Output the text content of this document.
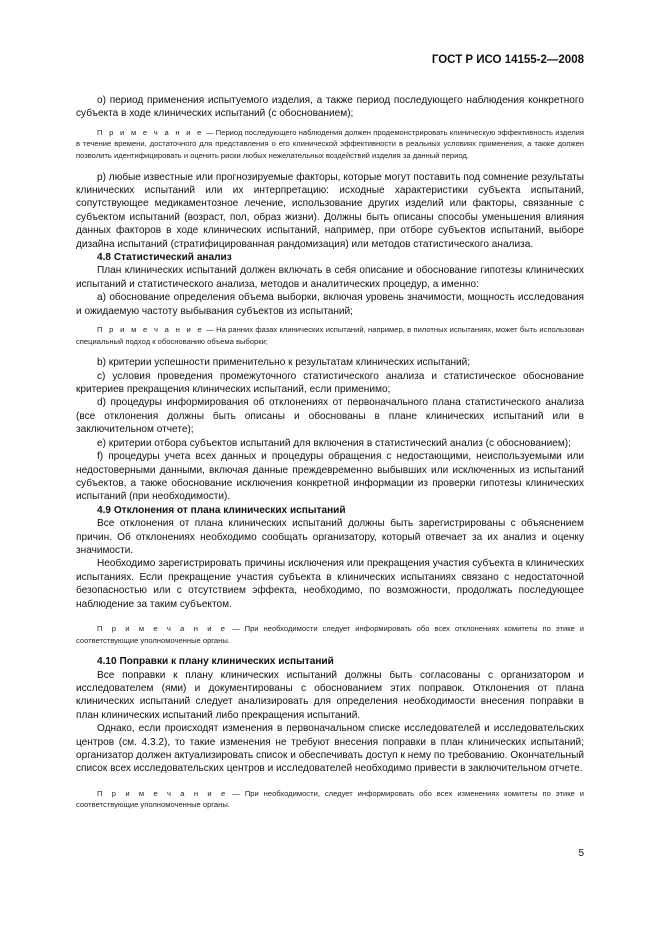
ГОСТ Р ИСО 14155-2—2008

о) период применения испытуемого изделия, а также период последующего наблюдения конкретного субъекта в ходе клинических испытаний (с обоснованием);

П р и м е ч а н и е — Период последующего наблюдения должен продемонстрировать клиническую эффективность изделия в течение времени, достаточного для представления о его клинической эффективности в реальных условиях применения, а также должен позволить идентифицировать и оценить риски любых нежелательных воздействий изделия за данный период.

р) любые известные или прогнозируемые факторы, которые могут поставить под сомнение результаты клинических испытаний или их интерпретацию: исходные характеристики субъекта испытаний, сопутствующее медикаментозное лечение, использование других изделий или факторы, связанные с субъектом испытаний (возраст, пол, образ жизни). Должны быть описаны способы уменьшения влияния данных факторов в ходе клинических испытаний, например, при отборе субъектов испытаний, выборе дизайна испытаний (стратифицированная рандомизация) или методов статистического анализа.

4.8 Статистический анализ

План клинических испытаний должен включать в себя описание и обоснование гипотезы клинических испытаний и статистического анализа, методов и аналитических процедур, а именно:

а) обоснование определения объема выборки, включая уровень значимости, мощность исследования и ожидаемую частоту выбывания субъектов из испытаний;

П р и м е ч а н и е — На ранних фазах клинических испытаний, например, в пилотных испытаниях, может быть использован специальный подход к обоснованию объема выборки;

b) критерии успешности применительно к результатам клинических испытаний;

c) условия проведения промежуточного статистического анализа и статистическое обоснование критериев прекращения клинических испытаний, если применимо;

d) процедуры информирования об отклонениях от первоначального плана статистического анализа (все отклонения должны быть описаны и обоснованы в плане клинических испытаний или в заключительном отчете);

e) критерии отбора субъектов испытаний для включения в статистический анализ (с обоснованием);

f) процедуры учета всех данных и процедуры обращения с недостающими, неиспользуемыми или недостоверными данными, включая данные преждевременно выбывших или исключенных из испытаний субъектов, а также обоснование исключения конкретной информации из проверки гипотезы клинических испытаний (при необходимости).

4.9 Отклонения от плана клинических испытаний

Все отклонения от плана клинических испытаний должны быть зарегистрированы с объяснением причин. Об отклонениях необходимо сообщать организатору, который отвечает за их анализ и оценку значимости.

Необходимо зарегистрировать причины исключения или прекращения участия субъекта в клинических испытаниях. Если прекращение участия субъекта в клинических испытаниях связано с недостаточной безопасностью или с отсутствием эффекта, необходимо, по возможности, продолжать последующее наблюдение за таким субъектом.

П р и м е ч а н и е — При необходимости следует информировать обо всех отклонениях комитеты по этике и соответствующие уполномоченные органы.

4.10 Поправки к плану клинических испытаний

Все поправки к плану клинических испытаний должны быть согласованы с организатором и исследователем (ями) и документированы с обоснованием этих поправок. Отклонения от плана клинических испытаний следует анализировать для определения необходимости внесения поправки в план клинических испытаний либо прекращения испытаний.

Однако, если происходят изменения в первоначальном списке исследователей и исследовательских центров (см. 4.3.2), то такие изменения не требуют внесения поправки в план клинических испытаний; организатор должен актуализировать список и обеспечивать доступ к нему по требованию. Окончательный список всех исследовательских центров и исследователей необходимо привести в заключительном отчете.

П р и м е ч а н и е — При необходимости, следует информировать обо всех изменениях комитеты по этике и соответствующие уполномоченные органы.

5
